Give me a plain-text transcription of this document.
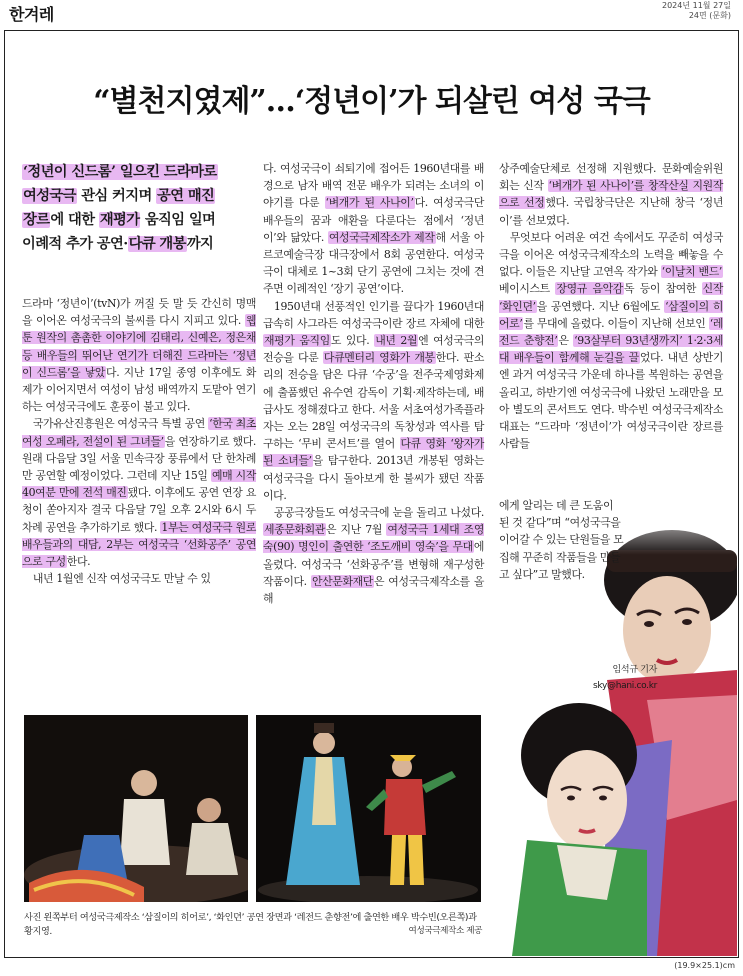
한겨레	2024년 11월 27일
24면 (문화)
“별천지였제”…‘정년이’가 되살린 여성 국극
‘정년이 신드롬’ 일으킨 드라마로
여성국극 관심 커지며 공연 매진
장르에 대한 재평가 움직임 일며
이례적 추가 공연·다큐 개봉까지

드라마 ‘정년이’(tvN)가 꺼질 듯 말 듯 간신히 명맥을 이어온 여성국극의 불씨를 다시 지피고 있다. 웹툰 원작의 촘촘한 이야기에 김태리, 신예은, 정은채 등 배우들의 뛰어난 연기가 더해진 드라마는 ‘정년이 신드롬’을 낳았다. 지난 17일 종영 이후에도 화제가 이어지면서 여성이 남성 배역까지 도맡아 연기하는 여성국극에도 훈풍이 불고 있다.

국가유산진흥원은 여성국극 특별 공연 ‘한국 최초 여성 오페라, 전설이 된 그녀들’을 연장하기로 했다. 원래 다음달 3일 서울 민속극장 풍류에서 단 한차례만 공연할 예정이었다. 그런데 지난 15일 예매 시작 40여분 만에 전석 매진됐다. 이후에도 공연 연장 요청이 쏟아지자 결국 다음달 7일 오후 2시와 6시 두차례 공연을 추가하기로 했다. 1부는 여성국극 원로 배우들과의 대담, 2부는 여성국극 ‘선화공주’ 공연으로 구성한다.

내년 1월엔 신작 여성국극도 만날 수 있

다. 여성국극이 쇠퇴기에 접어든 1960년대를 배경으로 남자 배역 전문 배우가 되려는 소녀의 이야기를 다룬 ‘벼개가 된 사나이’다. 여성국극단 배우들의 꿈과 애환을 다룬다는 점에서 ‘정년이’와 닮았다. 여성국극제작소가 제작해 서울 아르코예술극장 대극장에서 8회 공연한다. 여성국극이 대체로 1~3회 단기 공연에 그치는 것에 견주면 이례적인 ‘장기 공연’이다.

1950년대 선풍적인 인기를 끌다가 1960년대 급속히 사그라든 여성국극이란 장르 자체에 대한 재평가 움직임도 있다. 내년 2월엔 여성국극의 전승을 다룬 다큐멘터리 영화가 개봉한다. 판소리의 전승을 담은 다큐 ‘수궁’을 전주국제영화제에 출품했던 유수연 감독이 기획·제작하는데, 배급사도 정해졌다고 한다. 서울 서초여성가족플라자는 오는 28일 여성국극의 독창성과 역사를 탐구하는 ‘무비 콘서트’를 열어 다큐 영화 ‘왕자가 된 소녀들’을 탐구한다. 2013년 개봉된 영화는 여성국극을 다시 돌아보게 한 불씨가 됐던 작품이다.

공공극장들도 여성국극에 눈을 돌리고 나섰다. 세종문화회관은 지난 7월 여성국극 1세대 조영숙(90) 명인이 출연한 ‘조도깨비 영숙’을 무대에 올렸다. 여성국극 ‘선화공주’를 변형해 재구성한 작품이다. 안산문화재단은 여성국극제작소를 올해

상주예술단체로 선정해 지원했다. 문화예술위원회는 신작 ‘벼개가 된 사나이’를 창작산실 지원작으로 선정했다. 국립창극단은 지난해 창극 ‘정년이’를 선보였다.

무엇보다 어려운 여건 속에서도 꾸준히 여성국극을 이어온 여성국극제작소의 노력을 빼놓을 수 없다. 이들은 지난달 고연옥 작가와 ‘이날치 밴드’ 베이시스트 장영규 음악감독 등이 참여한 신작 ‘화인뎐’을 공연했다. 지난 6월에도 ‘삼질이의 히어로’를 무대에 올렸다. 이들이 지난해 선보인 ‘레전드 춘향전’은 ‘93살부터 93년생까지’ 1·2·3세대 배우들이 함께해 눈길을 끌었다. 내년 상반기엔 과거 여성국극 가운데 하나를 복원하는 공연을 올리고, 하반기엔 여성국극에 나왔던 노래만을 모아 별도의 콘서트도 연다. 박수빈 여성국극제작소 대표는 “드라마 ‘정년이’가 여성국극이란 장르를 사람들

에게 알리는 데 큰 도움이 된 것 같다”며 “여성국극을 이어갈 수 있는 단원들을 모집해 꾸준히 작품들을 만들고 싶다”고 말했다.

임석규 기자
sky@hani.co.kr
사진 왼쪽부터 여성국극제작소 ‘삼질이의 히어로’, ‘화인뎐’ 공연 장면과 ‘레전드 춘향전’에 출연한 배우 박수빈(오른쪽)과 황지영.	여성국극제작소 제공
(19.9×25.1)cm
